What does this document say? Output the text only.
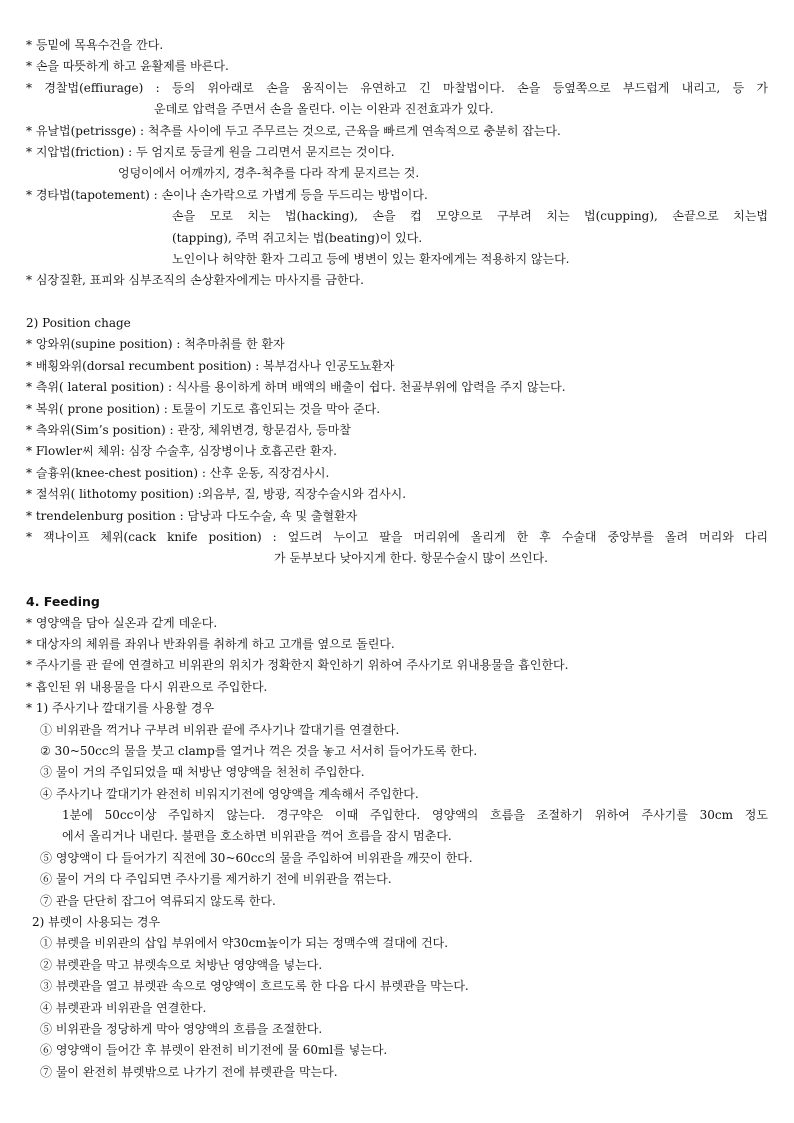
* 등밑에 목욕수건을 깐다.
* 손을 따뜻하게 하고 윤활제를 바른다.
* 경찰법(effiurage) : 등의 위아래로 손을 움직이는 유연하고 긴 마찰법이다. 손을 등옆쪽으로 부드럽게 내리고, 등 가
운데로 압력을 주면서 손을 올린다. 이는 이완과 진전효과가 있다.
* 유날법(petrissge) : 척추를 사이에 두고 주무르는 것으로, 근육을 빠르게 연속적으로 충분히 잡는다.
* 지압법(friction) : 두 엄지로 둥글게 원을 그리면서 문지르는 것이다.
엉덩이에서 어깨까지, 경추-척추를 다라 작게 문지르는 것.
* 경타법(tapotement) : 손이나 손가락으로 가볍게 등을 두드리는 방법이다.
손을 모로 치는 법(hacking), 손을 컵 모양으로 구부려 치는 법(cupping), 손끝으로 치는법
(tapping), 주먹 쥐고치는 법(beating)이 있다.
노인이나 허약한 환자 그리고 등에 병변이 있는 환자에게는 적용하지 않는다.
* 심장질환, 표피와 심부조직의 손상환자에게는 마사지를 금한다.
2) Position chage
* 앙와위(supine position) : 척추마취를 한 환자
* 배횡와위(dorsal recumbent position) : 복부검사나 인공도뇨환자
* 측위( lateral position) : 식사를 용이하게 하며 배액의 배출이 쉽다. 천골부위에 압력을 주지 않는다.
* 복위( prone position) : 토물이 기도로 흡인되는 것을 막아 준다.
* 측와위(Sim’s position) : 관장, 체위변경, 항문검사, 등마찰
* Flowler씨 체위: 심장 수술후, 심장병이나 호흡곤란 환자.
* 슬흉위(knee-chest position) : 산후 운동, 직장검사시.
* 절석위( lithotomy position) :외음부, 질, 방광, 직장수술시와 검사시.
* trendelenburg position : 담낭과 다도수술, 쇽 및 출혈환자
* 잭나이프 체위(cack knife position) : 엎드려 누이고 팔을 머리위에 올리게 한 후 수술대 중앙부를 올려 머리와 다리
가 둔부보다 낮아지게 한다. 항문수술시 많이 쓰인다.
4. Feeding
* 영양액을 담아 실온과 같게 데운다.
* 대상자의 체위를 좌위나 반좌위를 취하게 하고 고개를 옆으로 돌린다.
* 주사기를 관 끝에 연결하고 비위관의 위치가 정확한지 확인하기 위하여 주사기로 위내용물을 흡인한다.
* 흡인된 위 내용물을 다시 위관으로 주입한다.
* 1) 주사기나 깔대기를 사용할 경우
① 비위관을 꺽거나 구부려 비위관 끝에 주사기나 깔대기를 연결한다.
② 30~50cc의 물을 붓고 clamp를 열거나 꺽은 것을 놓고 서서히 들어가도록 한다.
③ 물이 거의 주입되었을 때 처방난 영양액을 천천히 주입한다.
④ 주사기나 깔대기가 완전히 비워지기전에 영양액을 계속해서 주입한다.
1분에 50cc이상 주입하지 않는다. 경구약은 이때 주입한다. 영양액의 흐름을 조절하기 위하여 주사기를 30cm 정도
에서 올리거나 내린다. 불편을 호소하면 비위관을 꺽어 흐름을 잠시 멈춘다.
⑤ 영양액이 다 들어가기 직전에 30~60cc의 물을 주입하여 비위관을 깨끗이 한다.
⑥ 물이 거의 다 주입되면 주사기를 제거하기 전에 비위관을 꺾는다.
⑦ 관을 단단히 잡그어 역류되지 않도록 한다.
2) 뷰렛이 사용되는 경우
① 뷰렛을 비위관의 삽입 부위에서 약30cm높이가 되는 정맥수액 걸대에 건다.
② 뷰렛관을 막고 뷰렛속으로 처방난 영양액을 넣는다.
③ 뷰렛관을 열고 뷰렛관 속으로 영양액이 흐르도록 한 다음 다시 뷰렛관을 막는다.
④ 뷰렛관과 비위관을 연결한다.
⑤ 비위관을 정당하게 막아 영양액의 흐름을 조절한다.
⑥ 영양액이 들어간 후 뷰렛이 완전히 비기전에 물 60ml를 넣는다.
⑦ 물이 완전히 뷰렛밖으로 나가기 전에 뷰렛관을 막는다.
